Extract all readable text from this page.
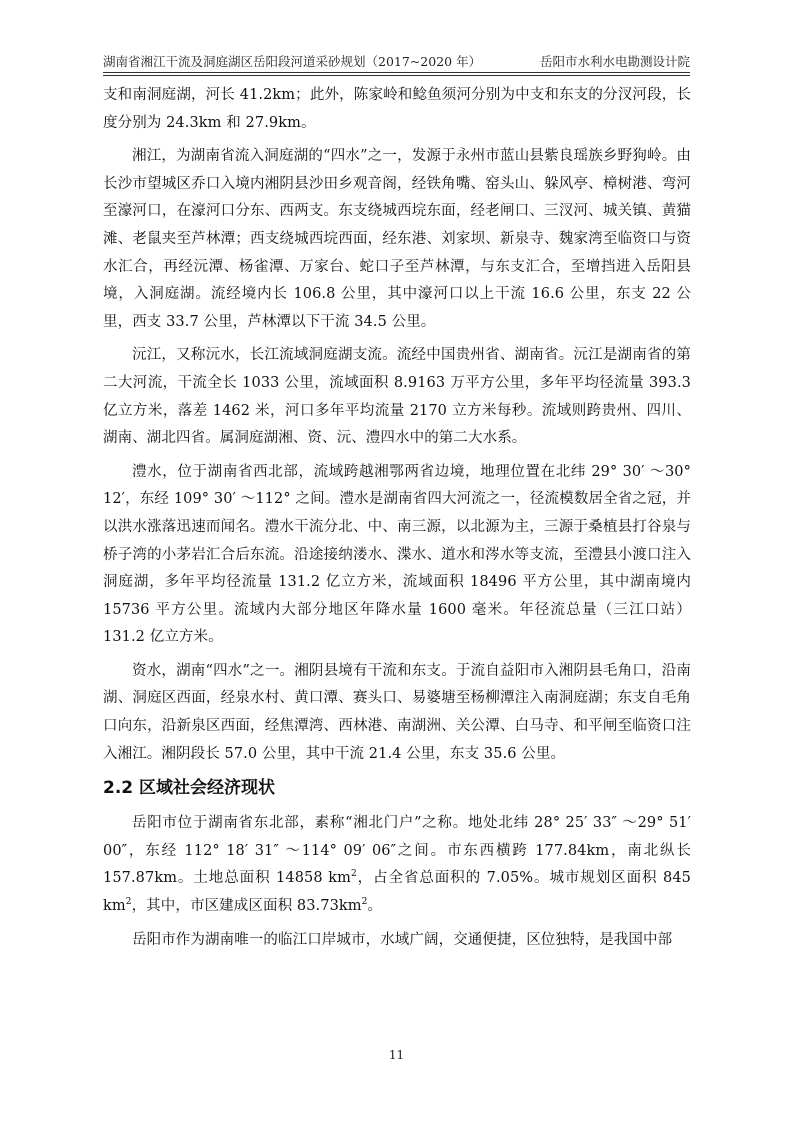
湖南省湘江干流及洞庭湖区岳阳段河道采砂规划（2017~2020 年）	岳阳市水利水电勘测设计院

支和南洞庭湖，河长 41.2km；此外，陈家岭和鲶鱼须河分别为中支和东支的分汊河段，长度分别为 24.3km 和 27.9km。

湘江，为湖南省流入洞庭湖的“四水”之一，发源于永州市蓝山县紫良瑶族乡野狗岭。由长沙市望城区乔口入境内湘阴县沙田乡观音阁，经铁角嘴、窑头山、躲风亭、樟树港、弯河至濠河口，在濠河口分东、西两支。东支绕城西垸东面，经老闸口、三汊河、城关镇、黄猫滩、老鼠夹至芦林潭；西支绕城西垸西面，经东港、刘家坝、新泉寺、魏家湾至临资口与资水汇合，再经沅潭、杨雀潭、万家台、蛇口子至芦林潭，与东支汇合，至增挡进入岳阳县境，入洞庭湖。流经境内长 106.8 公里，其中濠河口以上干流 16.6 公里，东支 22 公里，西支 33.7 公里，芦林潭以下干流 34.5 公里。

沅江，又称沅水，长江流域洞庭湖支流。流经中国贵州省、湖南省。沅江是湖南省的第二大河流，干流全长 1033 公里，流域面积 8.9163 万平方公里，多年平均径流量 393.3 亿立方米，落差 1462 米，河口多年平均流量 2170 立方米每秒。流域则跨贵州、四川、湖南、湖北四省。属洞庭湖湘、资、沅、澧四水中的第二大水系。

澧水，位于湖南省西北部，流域跨越湘鄂两省边境，地理位置在北纬 29° 30′ ～30° 12′，东经 109° 30′ ～112° 之间。澧水是湖南省四大河流之一，径流模数居全省之冠，并以洪水涨落迅速而闻名。澧水干流分北、中、南三源，以北源为主，三源于桑植县打谷泉与桥子湾的小茅岩汇合后东流。沿途接纳溇水、渫水、道水和涔水等支流，至澧县小渡口注入洞庭湖，多年平均径流量 131.2 亿立方米，流域面积 18496 平方公里，其中湖南境内 15736 平方公里。流域内大部分地区年降水量 1600 毫米。年径流总量（三江口站）131.2 亿立方米。

资水，湖南“四水”之一。湘阴县境有干流和东支。于流自益阳市入湘阴县毛角口，沿南湖、洞庭区西面，经泉水村、黄口潭、赛头口、易婆塘至杨柳潭注入南洞庭湖；东支自毛角口向东，沿新泉区西面，经焦潭湾、西林港、南湖洲、关公潭、白马寺、和平闸至临资口注入湘江。湘阴段长 57.0 公里，其中干流 21.4 公里，东支 35.6 公里。

2.2 区域社会经济现状

岳阳市位于湖南省东北部，素称“湘北门户”之称。地处北纬 28° 25′ 33″ ～29° 51′ 00″，东经 112° 18′ 31″ ～114° 09′ 06″之间。市东西横跨 177.84km，南北纵长 157.87km。土地总面积 14858 $km^2$，占全省总面积的 7.05%。城市规划区面积 845 $km^2$，其中，市区建成区面积 $83.73km^2$。

岳阳市作为湖南唯一的临江口岸城市，水域广阔，交通便捷，区位独特，是我国中部

11
